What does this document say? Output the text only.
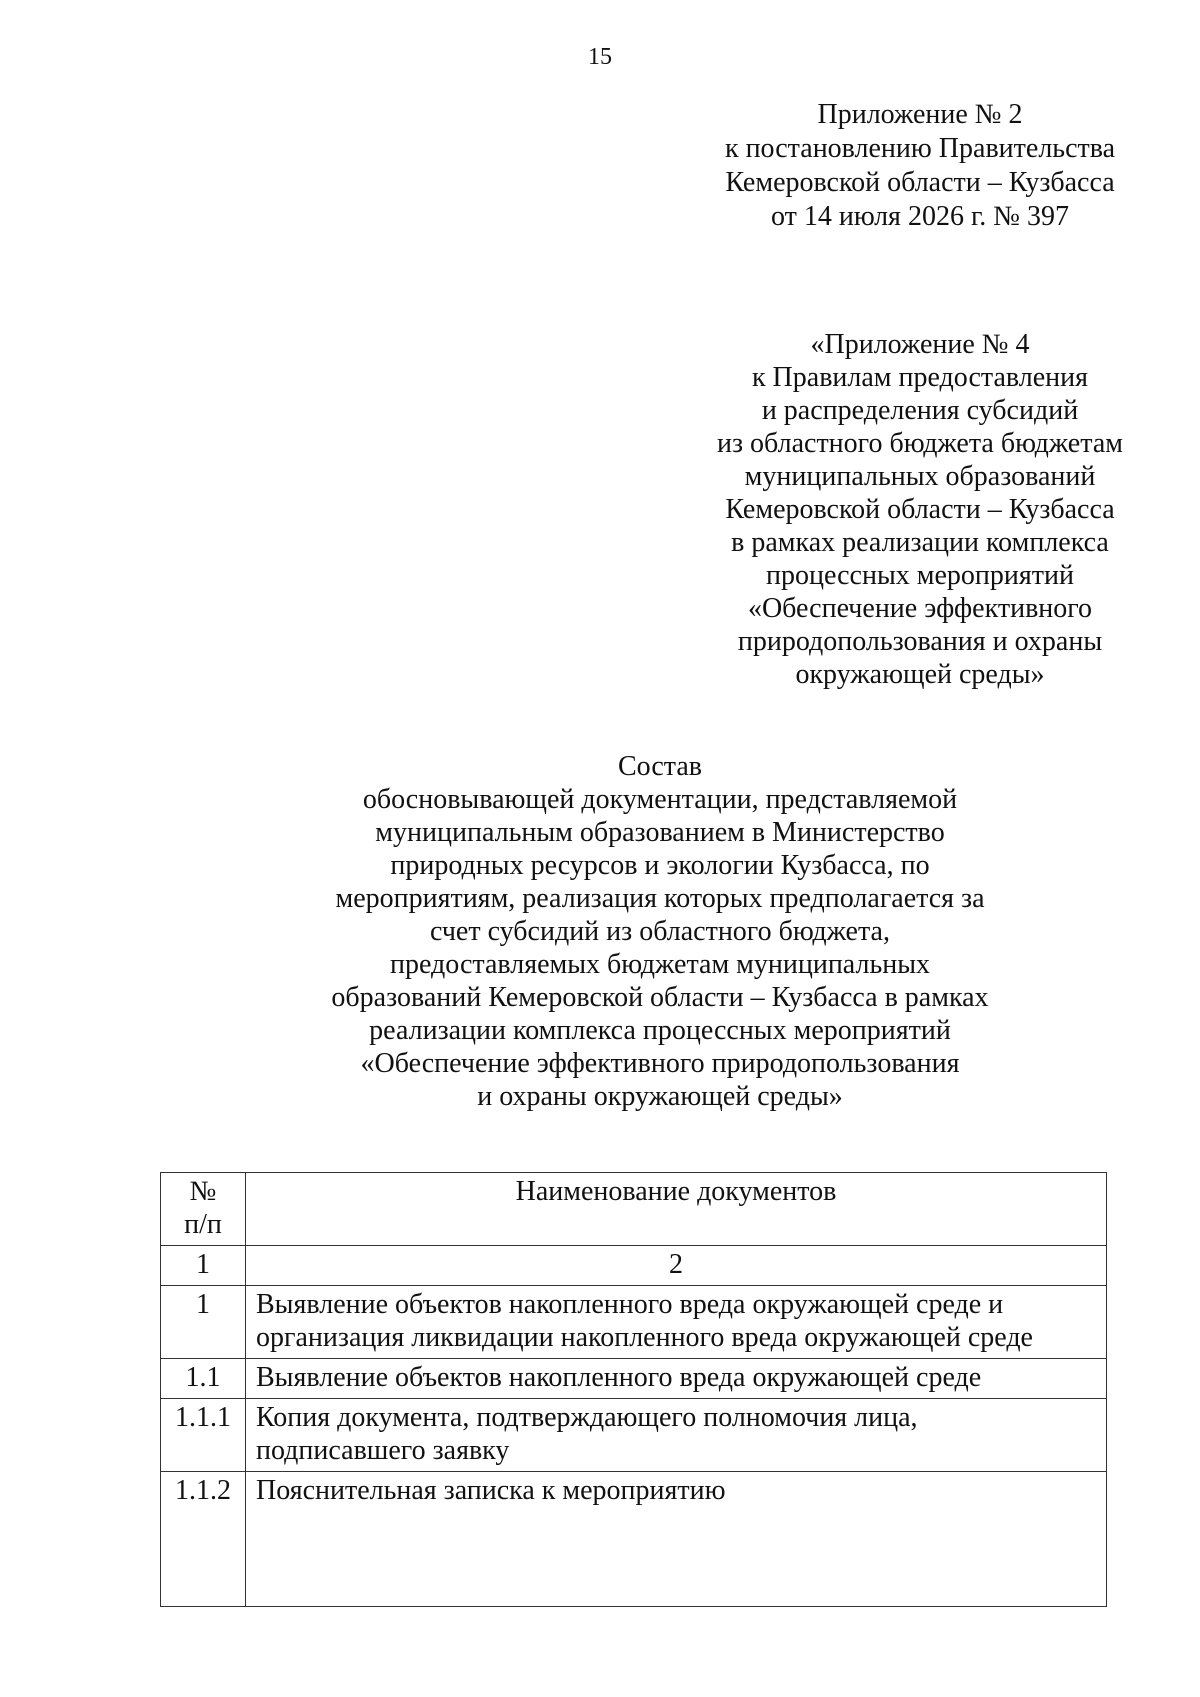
15
Приложение № 2
к постановлению Правительства
Кемеровской области – Кузбасса
от 14 июля 2026 г. № 397
«Приложение № 4
к Правилам предоставления
и распределения субсидий
из областного бюджета бюджетам
муниципальных образований
Кемеровской области – Кузбасса
в рамках реализации комплекса
процессных мероприятий
«Обеспечение эффективного
природопользования и охраны
окружающей среды»
Состав
обосновывающей документации, представляемой
муниципальным образованием в Министерство
природных ресурсов и экологии Кузбасса, по
мероприятиям, реализация которых предполагается за
счет субсидий из областного бюджета,
предоставляемых бюджетам муниципальных
образований Кемеровской области – Кузбасса в рамках
реализации комплекса процессных мероприятий
«Обеспечение эффективного природопользования
и охраны окружающей среды»
№
п/п	Наименование документов
1	2
1	Выявление объектов накопленного вреда окружающей среде и
организация ликвидации накопленного вреда окружающей среде

1.1	Выявление объектов накопленного вреда окружающей среде

1.1.1	Копия документа, подтверждающего полномочия лица,
подписавшего заявку

1.1.2	Пояснительная записка к мероприятию
